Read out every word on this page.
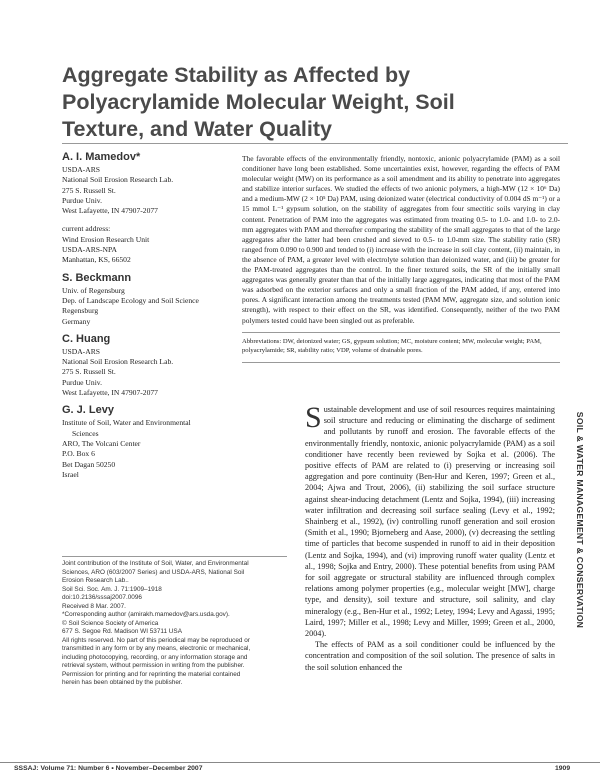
Aggregate Stability as Affected by Polyacrylamide Molecular Weight, Soil Texture, and Water Quality
A. I. Mamedov*
USDA-ARS
National Soil Erosion Research Lab.
275 S. Russell St.
Purdue Univ.
West Lafayette, IN 47907-2077
current address:
Wind Erosion Research Unit
USDA-ARS-NPA
Manhattan, KS, 66502
S. Beckmann
Univ. of Regensburg
Dep. of Landscape Ecology and Soil Science
Regensburg
Germany
C. Huang
USDA-ARS
National Soil Erosion Research Lab.
275 S. Russell St.
Purdue Univ.
West Lafayette, IN 47907-2077
G. J. Levy
Institute of Soil, Water and Environmental
Sciences
ARO, The Volcani Center
P.O. Box 6
Bet Dagan 50250
Israel

The favorable effects of the environmentally friendly, nontoxic, anionic polyacrylamide (PAM) as a soil conditioner have long been established. Some uncertainties exist, however, regarding the effects of PAM molecular weight (MW) on its performance as a soil amendment and its ability to penetrate into aggregates and stabilize interior surfaces. We studied the effects of two anionic polymers, a high-MW (12 × 10⁶ Da) and a medium-MW (2 × 10⁵ Da) PAM, using deionized water (electrical conductivity of 0.004 dS m⁻¹) or a 15 mmol L⁻¹ gypsum solution, on the stability of aggregates from four smectitic soils varying in clay content. Penetration of PAM into the aggregates was estimated from treating 0.5- to 1.0- and 1.0- to 2.0-mm aggregates with PAM and thereafter comparing the stability of the small aggregates to that of the large aggregates after the latter had been crushed and sieved to 0.5- to 1.0-mm size. The stability ratio (SR) ranged from 0.090 to 0.900 and tended to (i) increase with the increase in soil clay content, (ii) maintain, in the absence of PAM, a greater level with electrolyte solution than deionized water, and (iii) be greater for the PAM-treated aggregates than the control. In the finer textured soils, the SR of the initially small aggregates was generally greater than that of the initially large aggregates, indicating that most of the PAM was adsorbed on the exterior surfaces and only a small fraction of the PAM added, if any, entered into pores. A significant interaction among the treatments tested (PAM MW, aggregate size, and solution ionic strength), with respect to their effect on the SR, was identified. Consequently, neither of the two PAM polymers tested could have been singled out as preferable.

Abbreviations: DW, deionized water; GS, gypsum solution; MC, moisture content; MW, molecular weight; PAM, polyacrylamide; SR, stability ratio; VDP, volume of drainable pores.

Sustainable development and use of soil resources requires maintaining soil structure and reducing or eliminating the discharge of sediment and pollutants by runoff and erosion. The favorable effects of the environmentally friendly, nontoxic, anionic polyacrylamide (PAM) as a soil conditioner have recently been reviewed by Sojka et al. (2006). The positive effects of PAM are related to (i) preserving or increasing soil aggregation and pore continuity (Ben-Hur and Keren, 1997; Green et al., 2004; Ajwa and Trout, 2006), (ii) stabilizing the soil surface structure against shear-inducing detachment (Lentz and Sojka, 1994), (iii) increasing water infiltration and decreasing soil surface sealing (Levy et al., 1992; Shainberg et al., 1992), (iv) controlling runoff generation and soil erosion (Smith et al., 1990; Bjorneberg and Aase, 2000), (v) decreasing the settling time of particles that become suspended in runoff to aid in their deposition (Lentz and Sojka, 1994), and (vi) improving runoff water quality (Lentz et al., 1998; Sojka and Entry, 2000). These potential benefits from using PAM for soil aggregate or structural stability are influenced through complex relations among polymer properties (e.g., molecular weight [MW], charge type, and density), soil texture and structure, soil salinity, and clay mineralogy (e.g., Ben-Hur et al., 1992; Letey, 1994; Levy and Agassi, 1995; Laird, 1997; Miller et al., 1998; Levy and Miller, 1999; Green et al., 2000, 2004).
The effects of PAM as a soil conditioner could be influenced by the concentration and composition of the soil solution. The presence of salts in the soil solution enhanced the
SOIL & WATER MANAGEMENT & CONSERVATION
Joint contribution of the Institute of Soil, Water, and Environmental
Sciences, ARO (603/2007 Series) and USDA-ARS, National Soil
Erosion Research Lab..
Soil Sci. Soc. Am. J. 71:1909–1918
doi:10.2136/sssaj2007.0096
Received 8 Mar. 2007.
*Corresponding author (amirakh.mamedov@ars.usda.gov).
© Soil Science Society of America
677 S. Segoe Rd. Madison WI 53711 USA
All rights reserved. No part of this periodical may be reproduced or
transmitted in any form or by any means, electronic or mechanical,
including photocopying, recording, or any information storage and
retrieval system, without permission in writing from the publisher.
Permission for printing and for reprinting the material contained
herein has been obtained by the publisher.
SSSAJ: Volume 71: Number 6 • November–December 2007	1909
